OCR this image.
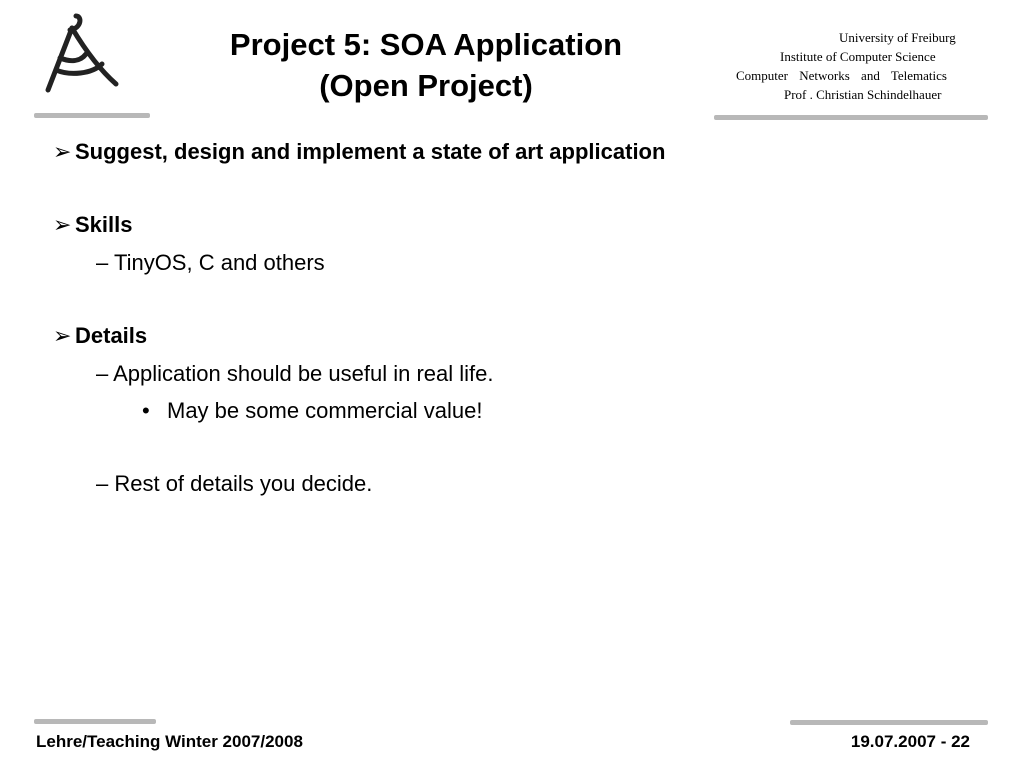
Project 5: SOA Application
(Open Project)
University of Freiburg
Institute of Computer Science
Computer Networks and Telematics
Prof . Christian Schindelhauer
➢ Suggest, design and implement a state of art application
➢ Skills
– TinyOS, C and others
➢ Details
– Application should be useful in real life.
• May be some commercial value!
– Rest of details you decide.
Lehre/Teaching Winter 2007/2008	19.07.2007 - 22
